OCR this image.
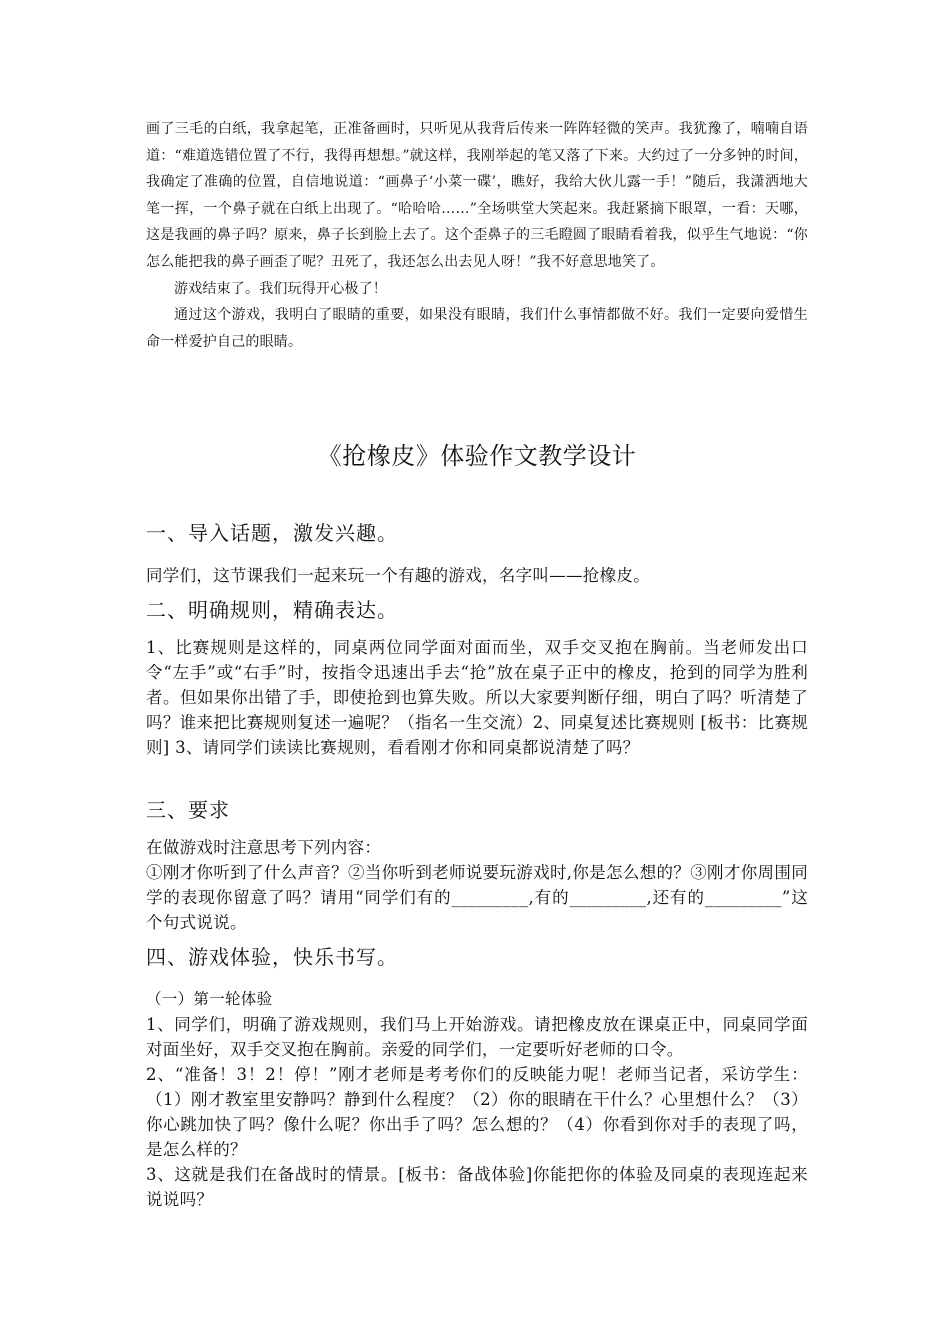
画了三毛的白纸，我拿起笔，正准备画时，只听见从我背后传来一阵阵轻微的笑声。我犹豫了，喃喃自语道：“难道选错位置了不行，我得再想想。”就这样，我刚举起的笔又落了下来。大约过了一分多钟的时间，我确定了准确的位置，自信地说道：“画鼻子‘小菜一碟’，瞧好，我给大伙儿露一手！”随后，我潇洒地大笔一挥，一个鼻子就在白纸上出现了。“哈哈哈……”全场哄堂大笑起来。我赶紧摘下眼罩，一看：天哪，这是我画的鼻子吗？原来，鼻子长到脸上去了。这个歪鼻子的三毛瞪圆了眼睛看着我，似乎生气地说：“你怎么能把我的鼻子画歪了呢？丑死了，我还怎么出去见人呀！”我不好意思地笑了。

游戏结束了。我们玩得开心极了！

通过这个游戏，我明白了眼睛的重要，如果没有眼睛，我们什么事情都做不好。我们一定要向爱惜生命一样爱护自己的眼睛。

《抢橡皮》体验作文教学设计
一、导入话题，激发兴趣。

同学们，这节课我们一起来玩一个有趣的游戏，名字叫——抢橡皮。

二、明确规则，精确表达。

1、比赛规则是这样的，同桌两位同学面对面而坐，双手交叉抱在胸前。当老师发出口令“左手”或“右手”时，按指令迅速出手去“抢”放在桌子正中的橡皮，抢到的同学为胜利者。但如果你出错了手，即使抢到也算失败。所以大家要判断仔细，明白了吗？听清楚了吗？谁来把比赛规则复述一遍呢？（指名一生交流）2、同桌复述比赛规则 [板书：比赛规则] 3、请同学们读读比赛规则，看看刚才你和同桌都说清楚了吗？

三、要求
在做游戏时注意思考下列内容：
①刚才你听到了什么声音？②当你听到老师说要玩游戏时,你是怎么想的？③刚才你周围同学的表现你留意了吗？请用“同学们有的_________,有的_________,还有的_________”这个句式说说。
四、游戏体验，快乐书写。
（一）第一轮体验
1、同学们，明确了游戏规则，我们马上开始游戏。请把橡皮放在课桌正中，同桌同学面对面坐好，双手交叉抱在胸前。亲爱的同学们，一定要听好老师的口令。
2、“准备！3！2！停！”刚才老师是考考你们的反映能力呢！老师当记者，采访学生：（1）刚才教室里安静吗？静到什么程度？（2）你的眼睛在干什么？心里想什么？（3）你心跳加快了吗？像什么呢？你出手了吗？怎么想的？（4）你看到你对手的表现了吗，是怎么样的？
3、这就是我们在备战时的情景。[板书：备战体验]你能把你的体验及同桌的表现连起来说说吗？
